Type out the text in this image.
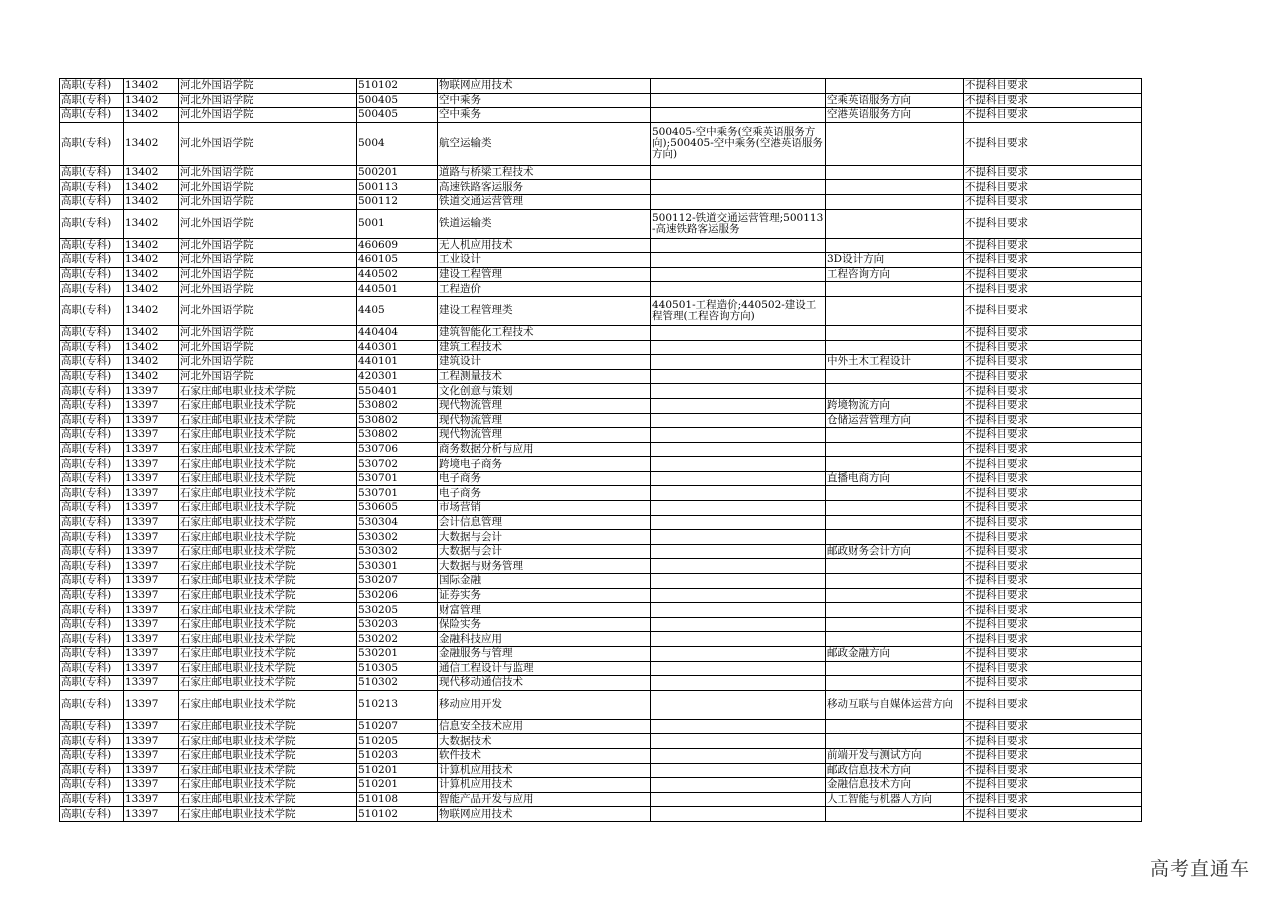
高职(专科)	13402	河北外国语学院	510102	物联网应用技术			不提科目要求
高职(专科)	13402	河北外国语学院	500405	空中乘务		空乘英语服务方向	不提科目要求
高职(专科)	13402	河北外国语学院	500405	空中乘务		空港英语服务方向	不提科目要求
高职(专科)	13402	河北外国语学院	5004	航空运输类	500405-空中乘务(空乘英语服务方向);500405-空中乘务(空港英语服务方向)		不提科目要求
高职(专科)	13402	河北外国语学院	500201	道路与桥梁工程技术			不提科目要求
高职(专科)	13402	河北外国语学院	500113	高速铁路客运服务			不提科目要求
高职(专科)	13402	河北外国语学院	500112	铁道交通运营管理			不提科目要求
高职(专科)	13402	河北外国语学院	5001	铁道运输类	500112-铁道交通运营管理;500113-高速铁路客运服务		不提科目要求
高职(专科)	13402	河北外国语学院	460609	无人机应用技术			不提科目要求
高职(专科)	13402	河北外国语学院	460105	工业设计		3D设计方向	不提科目要求
高职(专科)	13402	河北外国语学院	440502	建设工程管理		工程咨询方向	不提科目要求
高职(专科)	13402	河北外国语学院	440501	工程造价			不提科目要求
高职(专科)	13402	河北外国语学院	4405	建设工程管理类	440501-工程造价;440502-建设工程管理(工程咨询方向)		不提科目要求
高职(专科)	13402	河北外国语学院	440404	建筑智能化工程技术			不提科目要求
高职(专科)	13402	河北外国语学院	440301	建筑工程技术			不提科目要求
高职(专科)	13402	河北外国语学院	440101	建筑设计		中外土木工程设计	不提科目要求
高职(专科)	13402	河北外国语学院	420301	工程测量技术			不提科目要求
高职(专科)	13397	石家庄邮电职业技术学院	550401	文化创意与策划			不提科目要求
高职(专科)	13397	石家庄邮电职业技术学院	530802	现代物流管理		跨境物流方向	不提科目要求
高职(专科)	13397	石家庄邮电职业技术学院	530802	现代物流管理		仓储运营管理方向	不提科目要求
高职(专科)	13397	石家庄邮电职业技术学院	530802	现代物流管理			不提科目要求
高职(专科)	13397	石家庄邮电职业技术学院	530706	商务数据分析与应用			不提科目要求
高职(专科)	13397	石家庄邮电职业技术学院	530702	跨境电子商务			不提科目要求
高职(专科)	13397	石家庄邮电职业技术学院	530701	电子商务		直播电商方向	不提科目要求
高职(专科)	13397	石家庄邮电职业技术学院	530701	电子商务			不提科目要求
高职(专科)	13397	石家庄邮电职业技术学院	530605	市场营销			不提科目要求
高职(专科)	13397	石家庄邮电职业技术学院	530304	会计信息管理			不提科目要求
高职(专科)	13397	石家庄邮电职业技术学院	530302	大数据与会计			不提科目要求
高职(专科)	13397	石家庄邮电职业技术学院	530302	大数据与会计		邮政财务会计方向	不提科目要求
高职(专科)	13397	石家庄邮电职业技术学院	530301	大数据与财务管理			不提科目要求
高职(专科)	13397	石家庄邮电职业技术学院	530207	国际金融			不提科目要求
高职(专科)	13397	石家庄邮电职业技术学院	530206	证券实务			不提科目要求
高职(专科)	13397	石家庄邮电职业技术学院	530205	财富管理			不提科目要求
高职(专科)	13397	石家庄邮电职业技术学院	530203	保险实务			不提科目要求
高职(专科)	13397	石家庄邮电职业技术学院	530202	金融科技应用			不提科目要求
高职(专科)	13397	石家庄邮电职业技术学院	530201	金融服务与管理		邮政金融方向	不提科目要求
高职(专科)	13397	石家庄邮电职业技术学院	510305	通信工程设计与监理			不提科目要求
高职(专科)	13397	石家庄邮电职业技术学院	510302	现代移动通信技术			不提科目要求
高职(专科)	13397	石家庄邮电职业技术学院	510213	移动应用开发		移动互联与自媒体运营方向	不提科目要求
高职(专科)	13397	石家庄邮电职业技术学院	510207	信息安全技术应用			不提科目要求
高职(专科)	13397	石家庄邮电职业技术学院	510205	大数据技术			不提科目要求
高职(专科)	13397	石家庄邮电职业技术学院	510203	软件技术		前端开发与测试方向	不提科目要求
高职(专科)	13397	石家庄邮电职业技术学院	510201	计算机应用技术		邮政信息技术方向	不提科目要求
高职(专科)	13397	石家庄邮电职业技术学院	510201	计算机应用技术		金融信息技术方向	不提科目要求
高职(专科)	13397	石家庄邮电职业技术学院	510108	智能产品开发与应用		人工智能与机器人方向	不提科目要求
高职(专科)	13397	石家庄邮电职业技术学院	510102	物联网应用技术			不提科目要求
高考直通车
